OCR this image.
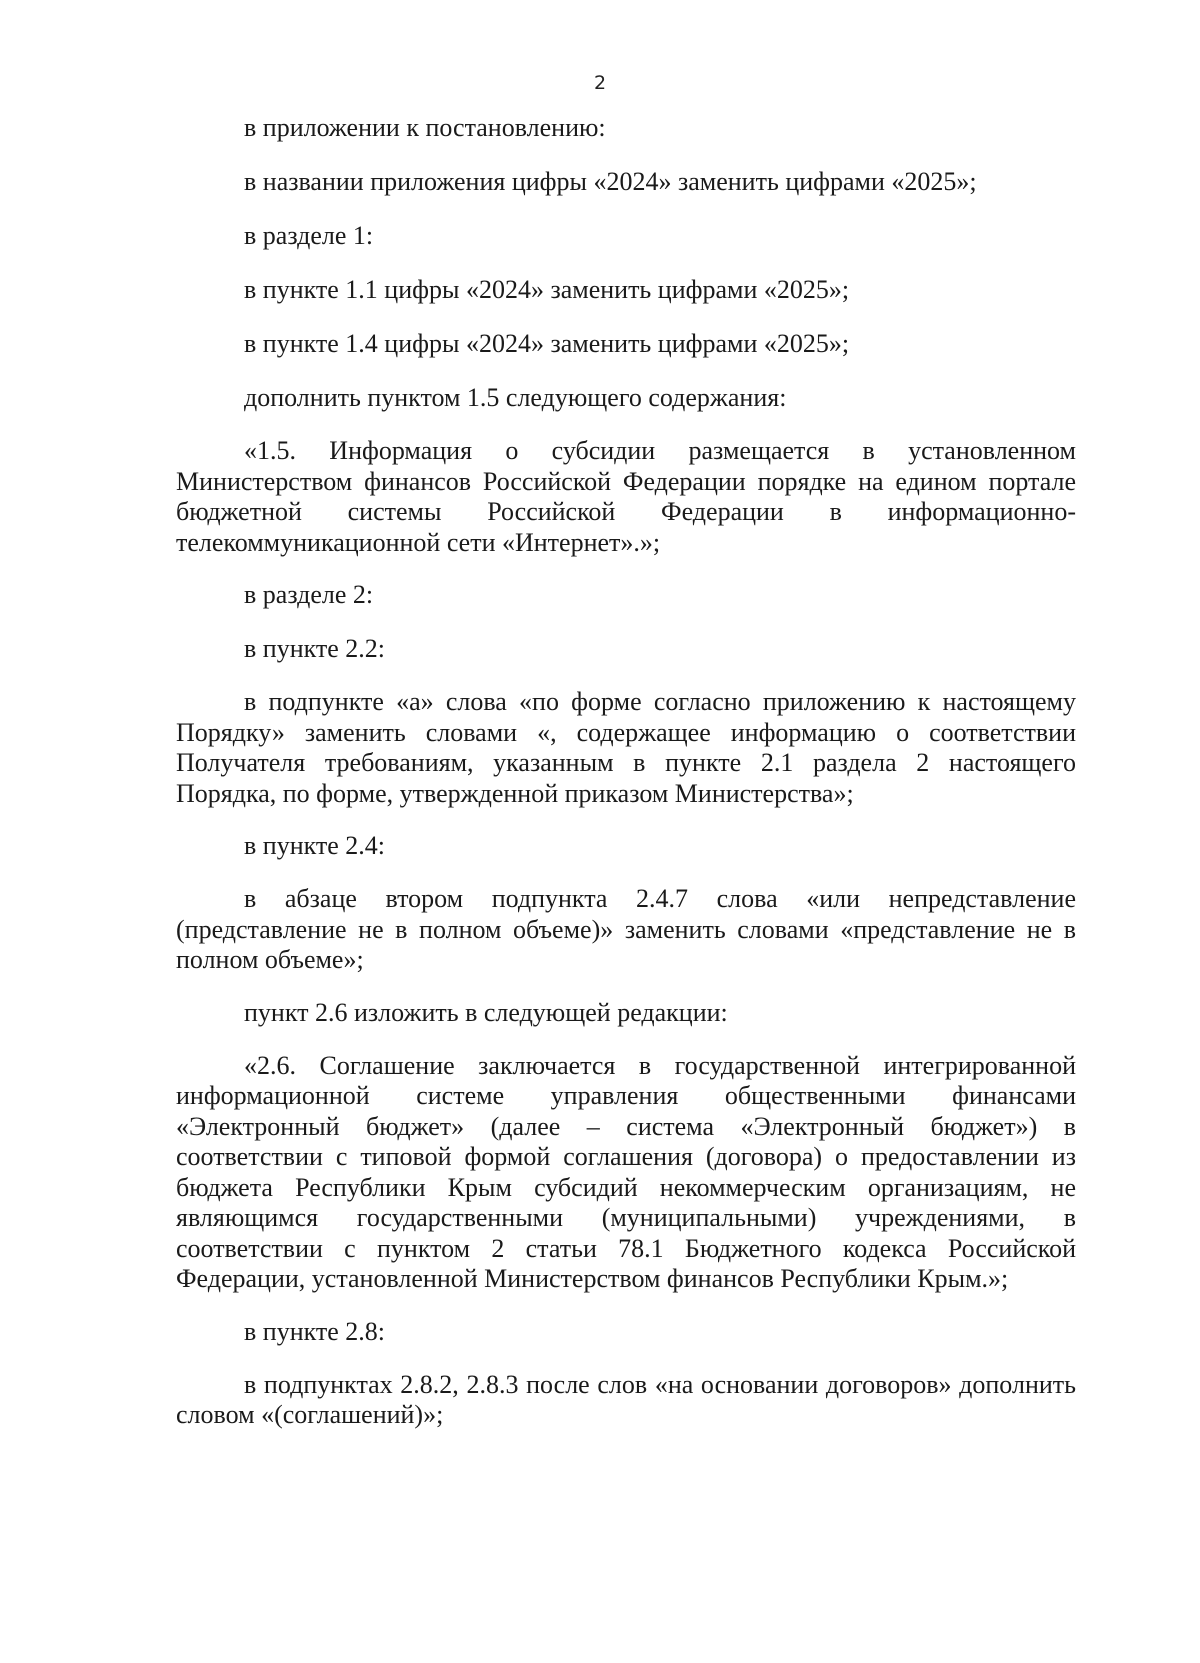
2

в приложении к постановлению:

в названии приложения цифры «2024» заменить цифрами «2025»;

в разделе 1:

в пункте 1.1 цифры «2024» заменить цифрами «2025»;

в пункте 1.4 цифры «2024» заменить цифрами «2025»;

дополнить пунктом 1.5 следующего содержания:

«1.5. Информация о субсидии размещается в установленном Министерством финансов Российской Федерации порядке на едином портале бюджетной системы Российской Федерации в информационно-телекоммуникационной сети «Интернет».»;

в разделе 2:

в пункте 2.2:

в подпункте «а» слова «по форме согласно приложению к настоящему Порядку» заменить словами «, содержащее информацию о соответствии Получателя требованиям, указанным в пункте 2.1 раздела 2 настоящего Порядка, по форме, утвержденной приказом Министерства»;

в пункте 2.4:

в абзаце втором подпункта 2.4.7 слова «или непредставление (представление не в полном объеме)» заменить словами «представление не в полном объеме»;

пункт 2.6 изложить в следующей редакции:

«2.6. Соглашение заключается в государственной интегрированной информационной системе управления общественными финансами «Электронный бюджет» (далее – система «Электронный бюджет») в соответствии с типовой формой соглашения (договора) о предоставлении из бюджета Республики Крым субсидий некоммерческим организациям, не являющимся государственными (муниципальными) учреждениями, в соответствии с пунктом 2 статьи 78.1 Бюджетного кодекса Российской Федерации, установленной Министерством финансов Республики Крым.»;

в пункте 2.8:

в подпунктах 2.8.2, 2.8.3 после слов «на основании договоров» дополнить словом «(соглашений)»;
